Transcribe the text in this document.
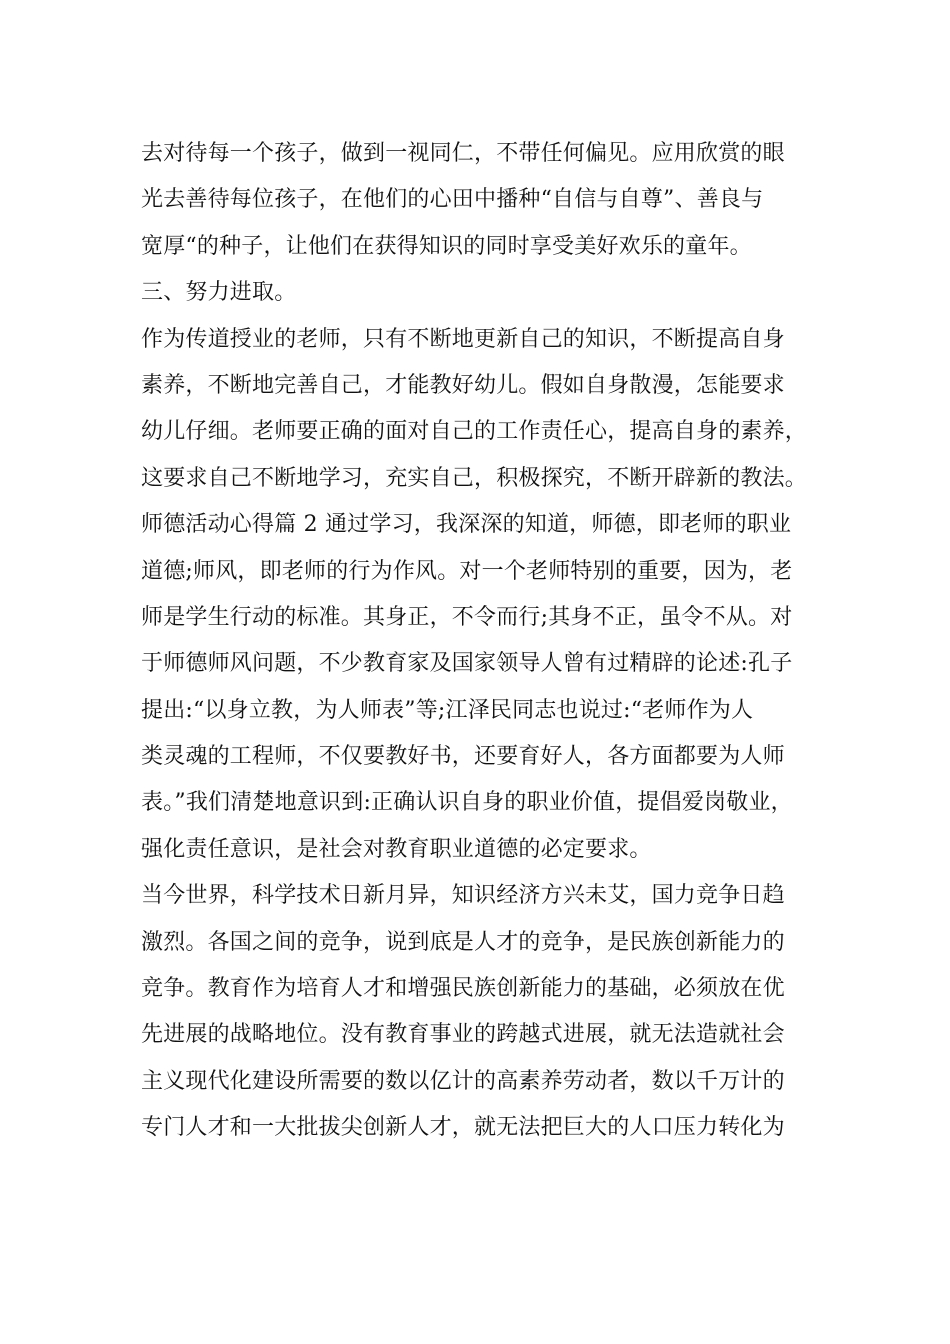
去对待每一个孩子，做到一视同仁，不带任何偏见。应用欣赏的眼
光去善待每位孩子，在他们的心田中播种“自信与自尊”、善良与
宽厚“的种子，让他们在获得知识的同时享受美好欢乐的童年。
三、努力进取。
作为传道授业的老师，只有不断地更新自己的知识，不断提高自身
素养，不断地完善自己，才能教好幼儿。假如自身散漫，怎能要求
幼儿仔细。老师要正确的面对自己的工作责任心，提高自身的素养，
这要求自己不断地学习，充实自己，积极探究，不断开辟新的教法。
师德活动心得篇 2 通过学习，我深深的知道，师德，即老师的职业
道德;师风，即老师的行为作风。对一个老师特别的重要，因为，老
师是学生行动的标准。其身正，不令而行;其身不正，虽令不从。对
于师德师风问题，不少教育家及国家领导人曾有过精辟的论述:孔子
提出:“以身立教，为人师表”等;江泽民同志也说过:“老师作为人
类灵魂的工程师，不仅要教好书，还要育好人，各方面都要为人师
表。”我们清楚地意识到:正确认识自身的职业价值，提倡爱岗敬业，
强化责任意识，是社会对教育职业道德的必定要求。
当今世界，科学技术日新月异，知识经济方兴未艾，国力竞争日趋
激烈。各国之间的竞争，说到底是人才的竞争，是民族创新能力的
竞争。教育作为培育人才和增强民族创新能力的基础，必须放在优
先进展的战略地位。没有教育事业的跨越式进展，就无法造就社会
主义现代化建设所需要的数以亿计的高素养劳动者，数以千万计的
专门人才和一大批拔尖创新人才，就无法把巨大的人口压力转化为
